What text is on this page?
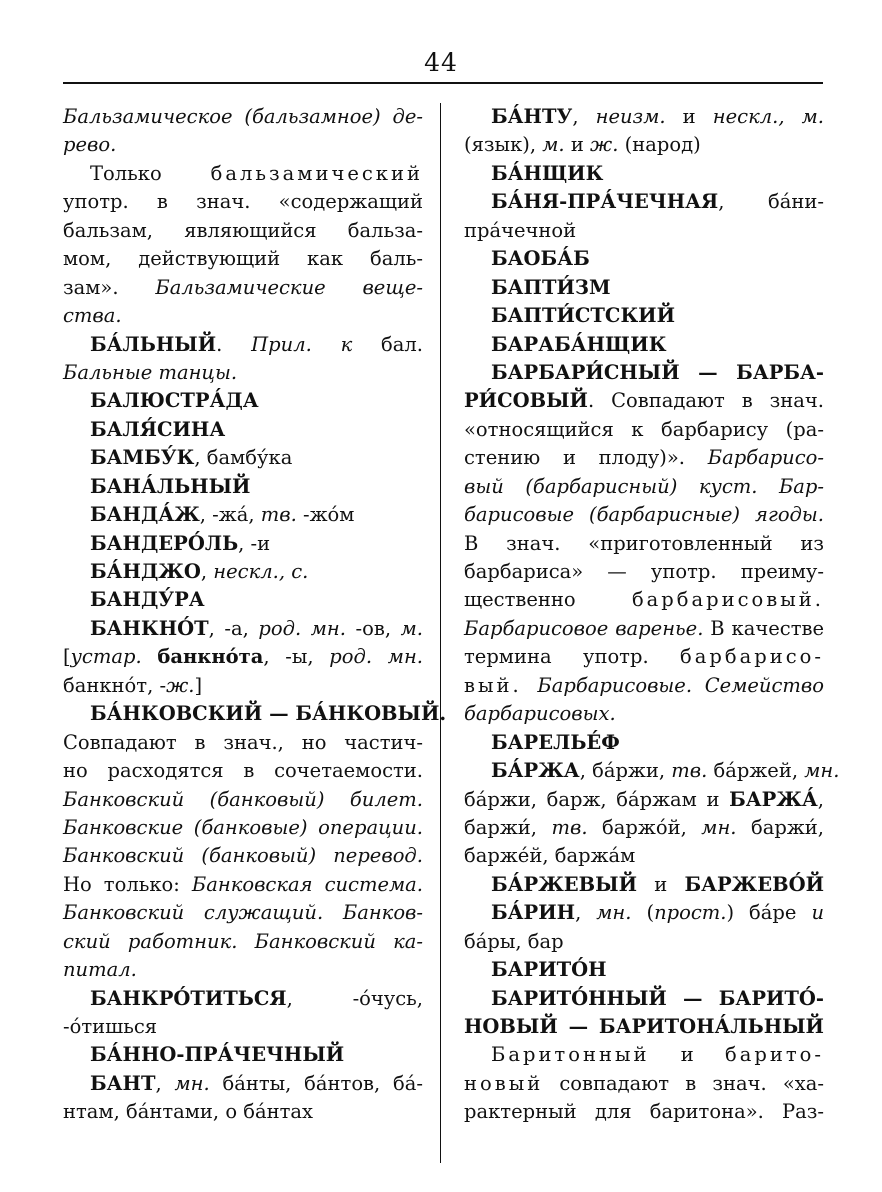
44
Бальзамическое (бальзамное) де-
рево.
Только бальзамический
употр. в знач. «содержащий
бальзам, являющийся бальза-
мом, действующий как баль-
зам». Бальзамические веще-
ства.
БА́ЛЬНЫЙ. Прил. к бал.
Бальные танцы.
БАЛЮСТРА́ДА
БАЛЯ́СИНА
БАМБУ́К, бамбу́ка
БАНА́ЛЬНЫЙ
БАНДА́Ж, -жа́, тв. -жо́м
БАНДЕРО́ЛЬ, -и
БА́НДЖО, нескл., с.
БАНДУ́РА
БАНКНО́Т, -а, род. мн. -ов, м.
[устар. банкно́та, -ы, род. мн.
банкно́т, -ж.]
БА́НКОВСКИЙ — БА́НКОВЫЙ.
Совпадают в знач., но частич-
но расходятся в сочетаемости.
Банковский (банковый) билет.
Банковские (банковые) операции.
Банковский (банковый) перевод.
Но только: Банковская система.
Банковский служащий. Банков-
ский работник. Банковский ка-
питал.
БАНКРО́ТИТЬСЯ, -о́чусь,
-о́тишься
БА́ННО-ПРА́ЧЕЧНЫЙ
БАНТ, мн. ба́нты, ба́нтов, ба́-
нтам, ба́нтами, о ба́нтах
БА́НТУ, неизм. и нескл., м.
(язык), м. и ж. (народ)
БА́НЩИК
БА́НЯ-ПРА́ЧЕЧНАЯ, ба́ни-
пра́чечной
БАОБА́Б
БАПТИ́ЗМ
БАПТИ́СТСКИЙ
БАРАБА́НЩИК
БАРБАРИ́СНЫЙ — БАРБА-
РИ́СОВЫЙ. Совпадают в знач.
«относящийся к барбарису (ра-
стению и плоду)». Барбарисо-
вый (барбарисный) куст. Бар-
барисовые (барбарисные) ягоды.
В знач. «приготовленный из
барбариса» — употр. преиму-
щественно барбарисовый.
Барбарисовое варенье. В качестве
термина употр. барбарисо-
вый. Барбарисовые. Семейство
барбарисовых.
БАРЕЛЬЕ́Ф
БА́РЖА, ба́ржи, тв. ба́ржей, мн.
ба́ржи, барж, ба́ржам и БАРЖА́,
баржи́, тв. баржо́й, мн. баржи́,
барже́й, баржа́м
БА́РЖЕВЫЙ и БАРЖЕВО́Й
БА́РИН, мн. (прост.) ба́ре и
ба́ры, бар
БАРИТО́Н
БАРИТО́ННЫЙ — БАРИТО́-
НОВЫЙ — БАРИТОНА́ЛЬНЫЙ
Баритонный и барито-
новый совпадают в знач. «ха-
рактерный для баритона». Раз-
